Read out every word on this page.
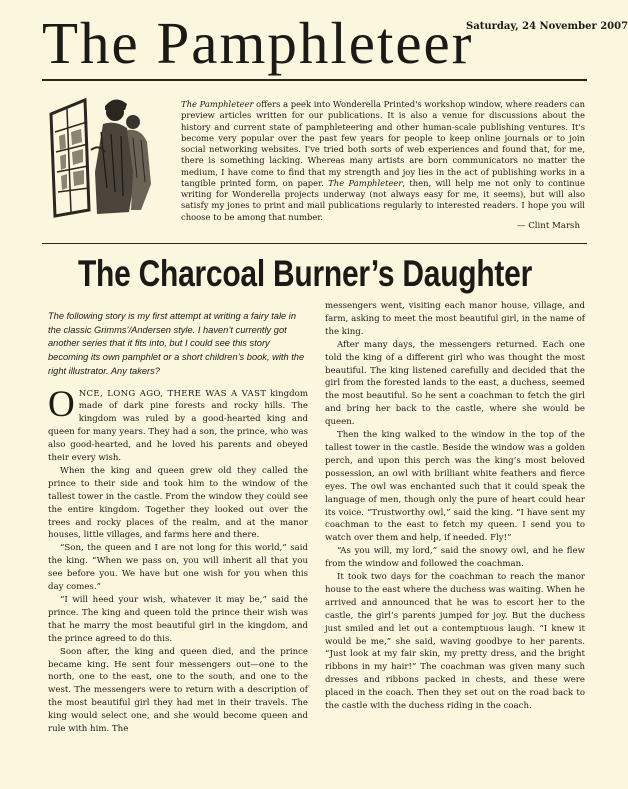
The Pamphleteer
Saturday, 24 November 2007

The Pamphleteer offers a peek into Wonderella Printed's workshop window, where readers can preview articles written for our publications. It is also a venue for discussions about the history and current state of pamphleteering and other human-scale publishing ventures. It's become very popular over the past few years for people to keep online journals or to join social networking websites. I've tried both sorts of web experiences and found that, for me, there is something lacking. Whereas many artists are born communicators no matter the medium, I have come to find that my strength and joy lies in the act of publishing works in a tangible printed form, on paper. The Pamphleteer, then, will help me not only to continue writing for Wonderella projects underway (not always easy for me, it seems), but will also satisfy my jones to print and mail publications regularly to interested readers. I hope you will choose to be among that number.

— Clint Marsh
The Charcoal Burner’s Daughter

The following story is my first attempt at writing a fairy tale in the classic Grimms’/Andersen style. I haven’t currently got another series that it fits into, but I could see this story becoming its own pamphlet or a short children’s book, with the right illustrator. Any takers?

ONCE, LONG AGO, THERE WAS A VAST kingdom made of dark pine forests and rocky hills. The kingdom was ruled by a good-hearted king and queen for many years. They had a son, the prince, who was also good-hearted, and he loved his parents and obeyed their every wish.

When the king and queen grew old they called the prince to their side and took him to the window of the tallest tower in the castle. From the window they could see the entire kingdom. Together they looked out over the trees and rocky places of the realm, and at the manor houses, little villages, and farms here and there.

“Son, the queen and I are not long for this world,” said the king. “When we pass on, you will inherit all that you see before you. We have but one wish for you when this day comes.”

“I will heed your wish, whatever it may be,” said the prince. The king and queen told the prince their wish was that he marry the most beautiful girl in the kingdom, and the prince agreed to do this.

Soon after, the king and queen died, and the prince became king. He sent four messengers out—one to the north, one to the east, one to the south, and one to the west. The messengers were to return with a description of the most beautiful girl they had met in their travels. The king would select one, and she would become queen and rule with him. The

messengers went, visiting each manor house, village, and farm, asking to meet the most beautiful girl, in the name of the king.

After many days, the messengers returned. Each one told the king of a different girl who was thought the most beautiful. The king listened carefully and decided that the girl from the forested lands to the east, a duchess, seemed the most beautiful. So he sent a coachman to fetch the girl and bring her back to the castle, where she would be queen.

Then the king walked to the window in the top of the tallest tower in the castle. Beside the window was a golden perch, and upon this perch was the king’s most beloved possession, an owl with brilliant white feathers and fierce eyes. The owl was enchanted such that it could speak the language of men, though only the pure of heart could hear its voice. “Trustworthy owl,” said the king. “I have sent my coachman to the east to fetch my queen. I send you to watch over them and help, if needed. Fly!”

“As you will, my lord,” said the snowy owl, and he flew from the window and followed the coachman.

It took two days for the coachman to reach the manor house to the east where the duchess was waiting. When he arrived and announced that he was to escort her to the castle, the girl’s parents jumped for joy. But the duchess just smiled and let out a contemptuous laugh. “I knew it would be me,” she said, waving goodbye to her parents. “Just look at my fair skin, my pretty dress, and the bright ribbons in my hair!” The coachman was given many such dresses and ribbons packed in chests, and these were placed in the coach. Then they set out on the road back to the castle with the duchess riding in the coach.
